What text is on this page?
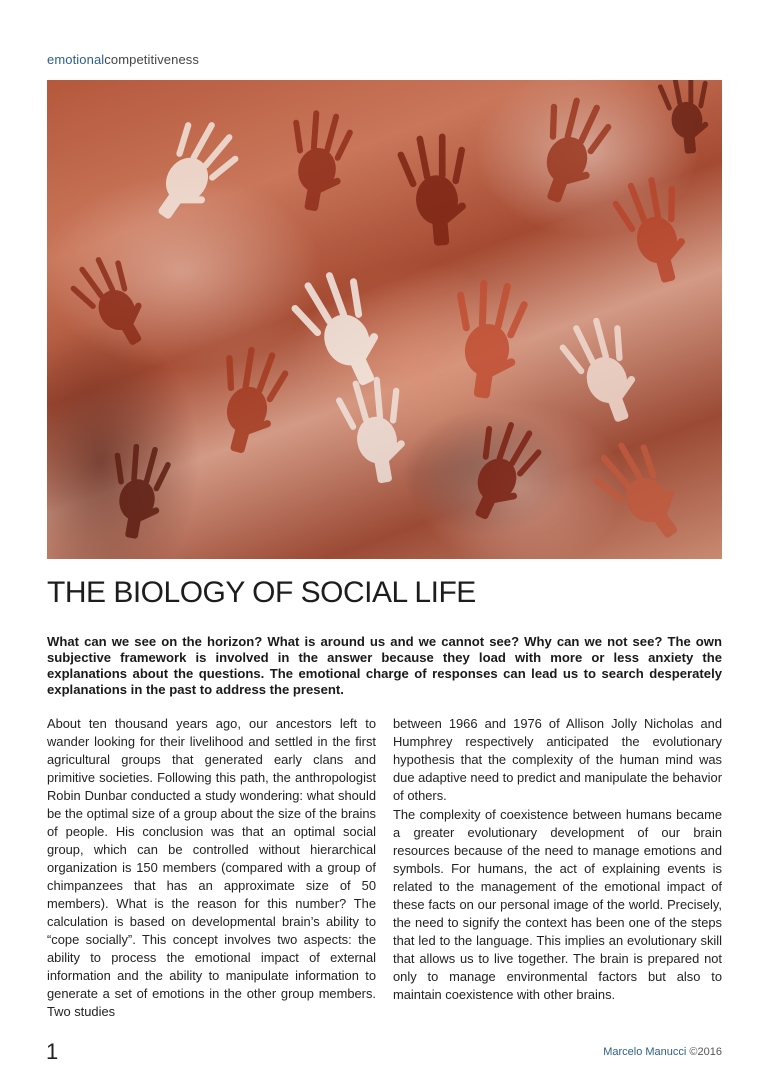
emotionalcompetitiveness
THE BIOLOGY OF SOCIAL LIFE

What can we see on the horizon? What is around us and we cannot see? Why can we not see? The own subjective framework is involved in the answer because they load with more or less anxiety the explanations about the questions. The emotional charge of responses can lead us to search desperately explanations in the past to address the present.

About ten thousand years ago, our ancestors left to wander looking for their livelihood and settled in the first agricultural groups that generated early clans and primitive societies. Following this path, the anthropologist Robin Dunbar conducted a study wondering: what should be the optimal size of a group about the size of the brains of people. His conclusion was that an optimal social group, which can be controlled without hierarchical organization is 150 members (compared with a group of chimpanzees that has an approximate size of 50 members). What is the reason for this number? The calculation is based on developmental brain’s ability to “cope socially”. This concept involves two aspects: the ability to process the emotional impact of external information and the ability to manipulate information to generate a set of emotions in the other group members. Two studies

between 1966 and 1976 of Allison Jolly Nicholas and Humphrey respectively anticipated the evolutionary hypothesis that the complexity of the human mind was due adaptive need to predict and manipulate the behavior of others.

The complexity of coexistence between humans became a greater evolutionary development of our brain resources because of the need to manage emotions and symbols. For humans, the act of explaining events is related to the management of the emotional impact of these facts on our personal image of the world. Precisely, the need to signify the context has been one of the steps that led to the language. This implies an evolutionary skill that allows us to live together. The brain is prepared not only to manage environmental factors but also to maintain coexistence with other brains.

1	Marcelo Manucci ©2016
